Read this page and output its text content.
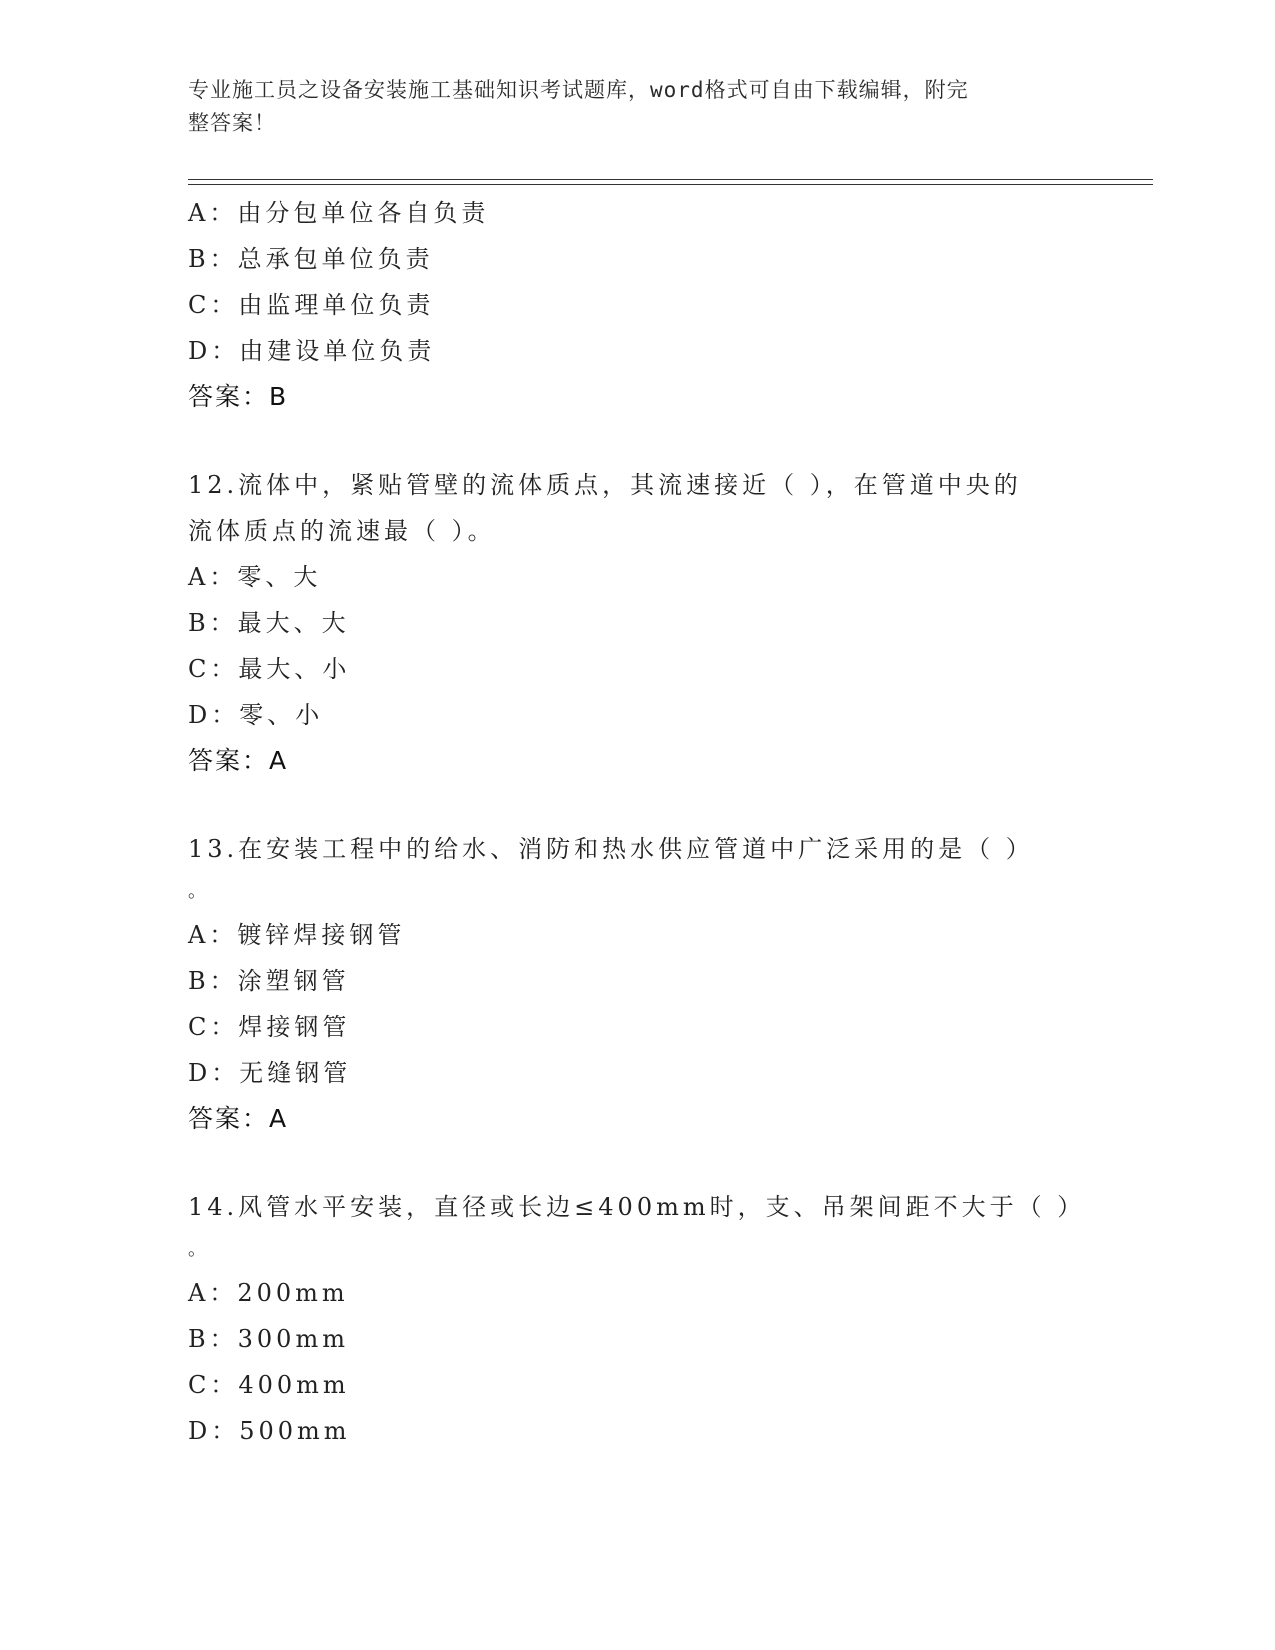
专业施工员之设备安装施工基础知识考试题库，word格式可自由下载编辑，附完
整答案！
A：由分包单位各自负责
B：总承包单位负责
C：由监理单位负责
D：由建设单位负责
答案：B
12.流体中，紧贴管壁的流体质点，其流速接近（ ），在管道中央的
流体质点的流速最（ ）。
A：零、大
B：最大、大
C：最大、小
D：零、小
答案：A
13.在安装工程中的给水、消防和热水供应管道中广泛采用的是（ ）
。
A：镀锌焊接钢管
B：涂塑钢管
C：焊接钢管
D：无缝钢管
答案：A
14.风管水平安装，直径或长边≤400mm时，支、吊架间距不大于（ ）
。
A：200mm
B：300mm
C：400mm
D：500mm
